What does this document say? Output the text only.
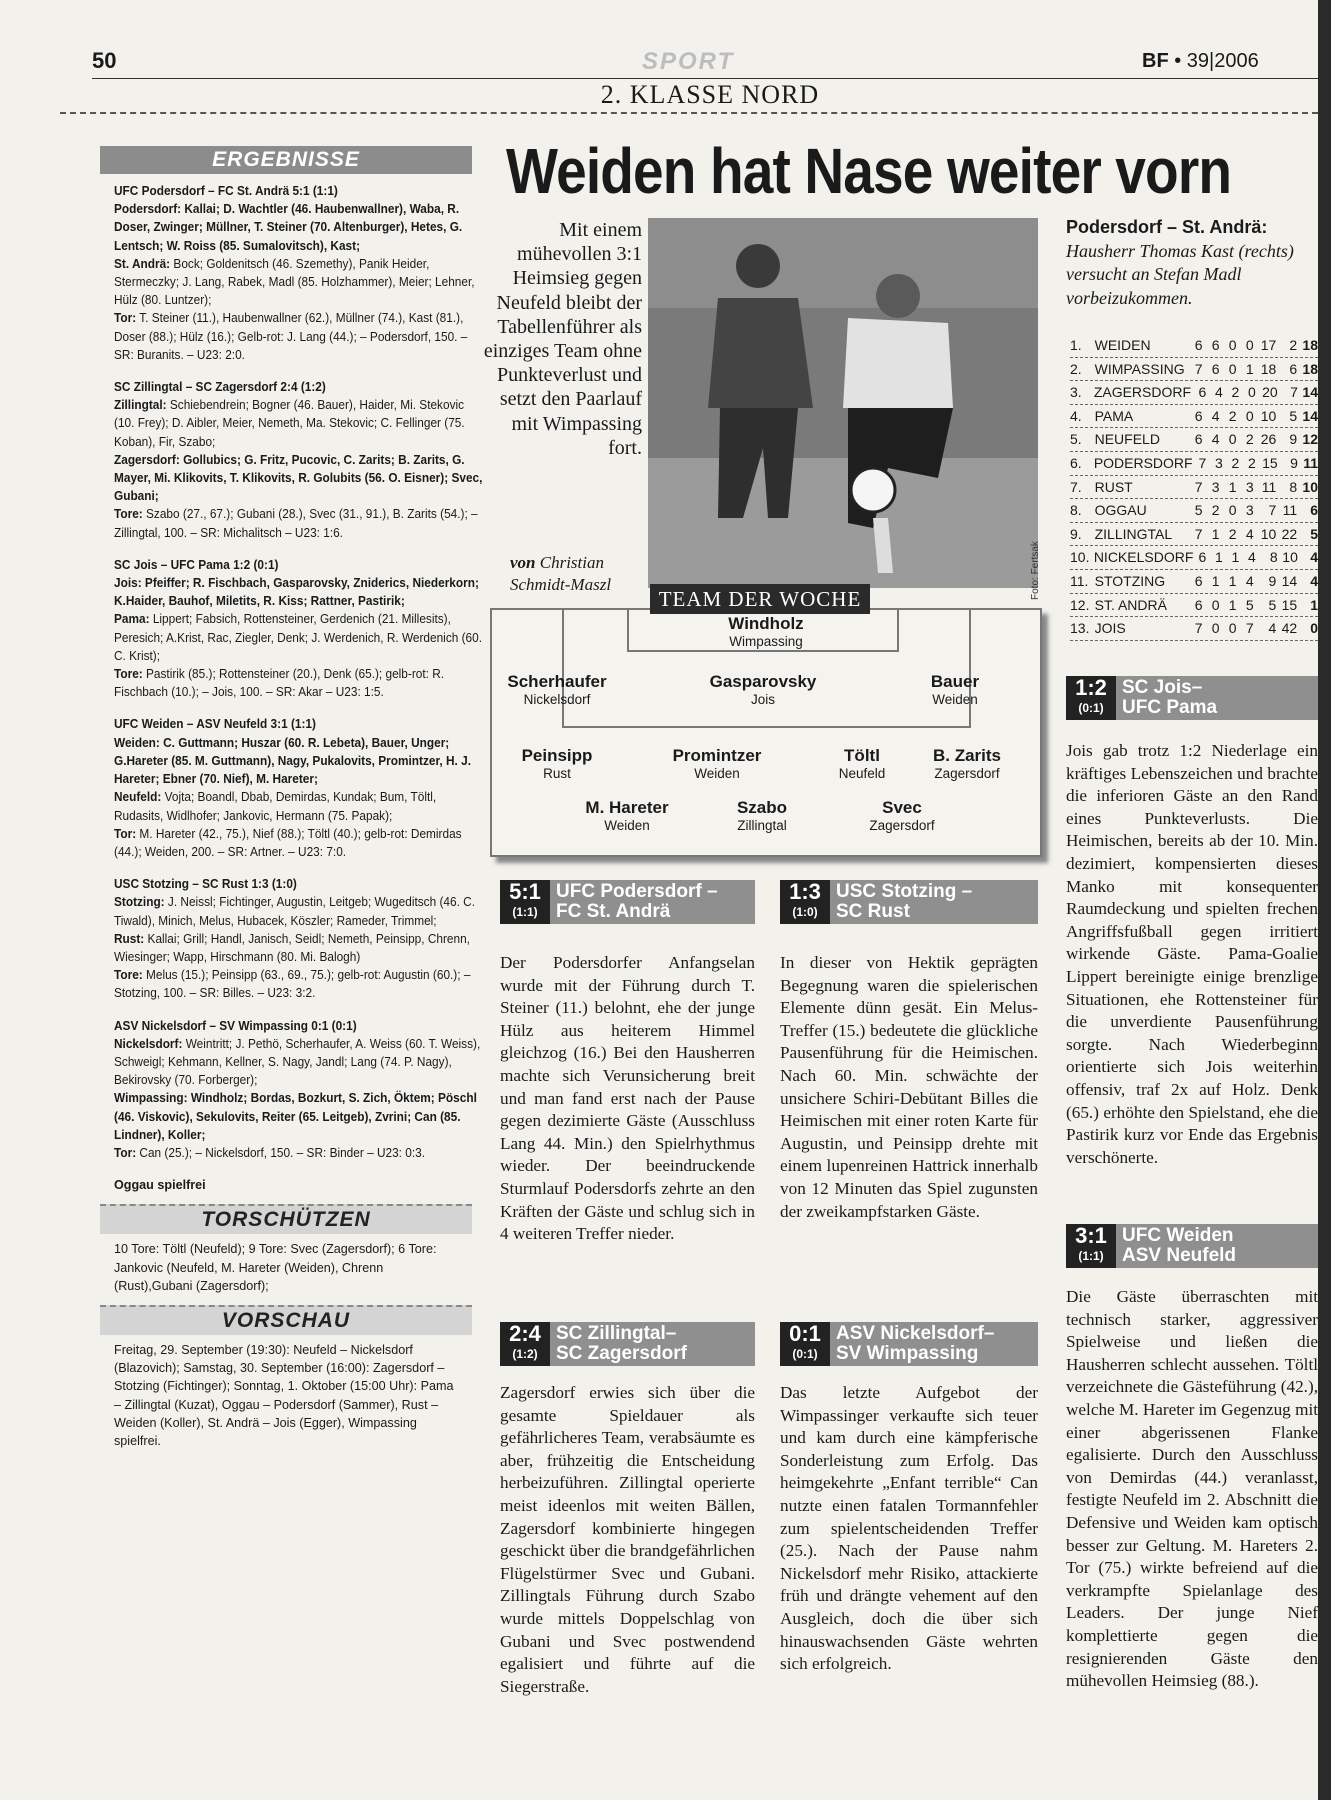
50	SPORT	BF • 39|2006
2. KLASSE NORD
ERGEBNISSE
UFC Podersdorf – FC St. Andrä 5:1 (1:1)
Podersdorf: Kallai; D. Wachtler (46. Haubenwallner), Waba, R. Doser, Zwinger; Müllner, T. Steiner (70. Altenburger), Hetes, G. Lentsch; W. Roiss (85. Sumalovitsch), Kast;
St. Andrä: Bock; Goldenitsch (46. Szemethy), Panik Heider, Stermeczky; J. Lang, Rabek, Madl (85. Holzhammer), Meier; Lehner, Hülz (80. Luntzer);
Tor: T. Steiner (11.), Haubenwallner (62.), Müllner (74.), Kast (81.), Doser (88.); Hülz (16.); Gelb-rot: J. Lang (44.); – Podersdorf, 150. – SR: Buranits. – U23: 2:0.
SC Zillingtal – SC Zagersdorf 2:4 (1:2)
Zillingtal: Schiebendrein; Bogner (46. Bauer), Haider, Mi. Stekovic (10. Frey); D. Aibler, Meier, Nemeth, Ma. Stekovic; C. Fellinger (75. Koban), Fir, Szabo;
Zagersdorf: Gollubics; G. Fritz, Pucovic, C. Zarits; B. Zarits, G. Mayer, Mi. Klikovits, T. Klikovits, R. Golubits (56. O. Eisner); Svec, Gubani;
Tore: Szabo (27., 67.); Gubani (28.), Svec (31., 91.), B. Zarits (54.); – Zillingtal, 100. – SR: Michalitsch – U23: 1:6.
SC Jois – UFC Pama 1:2 (0:1)
Jois: Pfeiffer; R. Fischbach, Gasparovsky, Zniderics, Niederkorn; K.Haider, Bauhof, Miletits, R. Kiss; Rattner, Pastirik;
Pama: Lippert; Fabsich, Rottensteiner, Gerdenich (21. Millesits), Peresich; A.Krist, Rac, Ziegler, Denk; J. Werdenich, R. Werdenich (60. C. Krist);
Tore: Pastirik (85.); Rottensteiner (20.), Denk (65.); gelb-rot: R. Fischbach (10.); – Jois, 100. – SR: Akar – U23: 1:5.
UFC Weiden – ASV Neufeld 3:1 (1:1)
Weiden: C. Guttmann; Huszar (60. R. Lebeta), Bauer, Unger; G.Hareter (85. M. Guttmann), Nagy, Pukalovits, Promintzer, H. J. Hareter; Ebner (70. Nief), M. Hareter;
Neufeld: Vojta; Boandl, Dbab, Demirdas, Kundak; Bum, Töltl, Rudasits, Widlhofer; Jankovic, Hermann (75. Papak);
Tor: M. Hareter (42., 75.), Nief (88.); Töltl (40.); gelb-rot: Demirdas (44.); Weiden, 200. – SR: Artner. – U23: 7:0.
USC Stotzing – SC Rust 1:3 (1:0)
Stotzing: J. Neissl; Fichtinger, Augustin, Leitgeb; Wugeditsch (46. C. Tiwald), Minich, Melus, Hubacek, Köszler; Rameder, Trimmel;
Rust: Kallai; Grill; Handl, Janisch, Seidl; Nemeth, Peinsipp, Chrenn, Wiesinger; Wapp, Hirschmann (80. Mi. Balogh)
Tore: Melus (15.); Peinsipp (63., 69., 75.); gelb-rot: Augustin (60.); – Stotzing, 100. – SR: Billes. – U23: 3:2.
ASV Nickelsdorf – SV Wimpassing 0:1 (0:1)
Nickelsdorf: Weintritt; J. Pethö, Scherhaufer, A. Weiss (60. T. Weiss), Schweigl; Kehmann, Kellner, S. Nagy, Jandl; Lang (74. P. Nagy), Bekirovsky (70. Forberger);
Wimpassing: Windholz; Bordas, Bozkurt, S. Zich, Öktem; Pöschl (46. Viskovic), Sekulovits, Reiter (65. Leitgeb), Zvrini; Can (85. Lindner), Koller;
Tor: Can (25.); – Nickelsdorf, 150. – SR: Binder – U23: 0:3.
Oggau spielfrei
TORSCHÜTZEN
10 Tore: Töltl (Neufeld); 9 Tore: Svec (Zagersdorf); 6 Tore: Jankovic (Neufeld, M. Hareter (Weiden), Chrenn (Rust),Gubani (Zagersdorf);
VORSCHAU
Freitag, 29. September (19:30): Neufeld – Nickelsdorf (Blazovich); Samstag, 30. September (16:00): Zagersdorf – Stotzing (Fichtinger); Sonntag, 1. Oktober (15:00 Uhr): Pama – Zillingtal (Kuzat), Oggau – Podersdorf (Sammer), Rust – Weiden (Koller), St. Andrä – Jois (Egger), Wimpassing spielfrei.
Weiden hat Nase weiter vorn
Mit einem mühevollen 3:1 Heimsieg gegen Neufeld bleibt der Tabellenführer als einziges Team ohne Punkteverlust und setzt den Paarlauf mit Wimpassing fort.
von Christian Schmidt-Maszl	Foto: Fertsak
Podersdorf – St. Andrä: Hausherr Thomas Kast (rechts) versucht an Stefan Madl vorbeizukommen.
1. WEIDEN	6 6 0 0 17 2 18
2. WIMPASSING 7 6 0 1 18 6 18
3. ZAGERSDORF 6 4 2 0 20 7 14
4. PAMA	6 4 2 0 10 5 14
5. NEUFELD	6 4 0 2 26 9 12
6. PODERSDORF 7 3 2 2 15 9 11
7. RUST	7 3 1 3 11 8 10
8. OGGAU	5 2 0 3	7 11 6
9. ZILLINGTAL	7 1 2 4 10 22 5
10. NICKELSDORF 6 1 1 4	8 10 4
11. STOTZING	6 1 1 4	9 14 4
12. ST. ANDRÄ	6 0 1 5	5 15 1
13. JOIS	7 0 0 7	4 42 0
Windholz
Wimpassing
Scherhaufer
Nickelsdorf
Gasparovsky
Jois
Bauer
Weiden
Peinsipp
Rust
Promintzer
Weiden
Töltl
Neufeld
B. Zarits
Zagersdorf
M. Hareter
Weiden
Szabo
Zillingtal
Svec
Zagersdorf
TEAM DER WOCHE
5:1
(1:1)
UFC Podersdorf –
FC St. Andrä
Der Podersdorfer Anfangselan wurde mit der Führung durch T. Steiner (11.) belohnt, ehe der junge Hülz aus heiterem Himmel gleichzog (16.) Bei den Hausherren machte sich Verunsicherung breit und man fand erst nach der Pause gegen dezimierte Gäste (Ausschluss Lang 44. Min.) den Spielrhythmus wieder. Der beeindruckende Sturmlauf Podersdorfs zehrte an den Kräften der Gäste und schlug sich in 4 weiteren Treffer nieder.
1:3
(1:0)
USC Stotzing –
SC Rust
In dieser von Hektik geprägten Begegnung waren die spielerischen Elemente dünn gesät. Ein Melus-Treffer (15.) bedeutete die glückliche Pausenführung für die Heimischen. Nach 60. Min. schwächte der unsichere Schiri-Debütant Billes die Heimischen mit einer roten Karte für Augustin, und Peinsipp drehte mit einem lupenreinen Hattrick innerhalb von 12 Minuten das Spiel zugunsten der zweikampfstarken Gäste.
2:4
(1:2)
SC Zillingtal–
SC Zagersdorf
Zagersdorf erwies sich über die gesamte Spieldauer als gefährlicheres Team, verabsäumte es aber, frühzeitig die Entscheidung herbeizuführen. Zillingtal operierte meist ideenlos mit weiten Bällen, Zagersdorf kombinierte hingegen geschickt über die brandgefährlichen Flügelstürmer Svec und Gubani. Zillingtals Führung durch Szabo wurde mittels Doppelschlag von Gubani und Svec postwendend egalisiert und führte auf die Siegerstraße.
0:1
(0:1)
ASV Nickelsdorf–
SV Wimpassing
Das letzte Aufgebot der Wimpassinger verkaufte sich teuer und kam durch eine kämpferische Sonderleistung zum Erfolg. Das heimgekehrte „Enfant terrible“ Can nutzte einen fatalen Tormannfehler zum spielentscheidenden Treffer (25.). Nach der Pause nahm Nickelsdorf mehr Risiko, attackierte früh und drängte vehement auf den Ausgleich, doch die über sich hinauswachsenden Gäste wehrten sich erfolgreich.
1:2
(0:1)
SC Jois–
UFC Pama
Jois gab trotz 1:2 Niederlage ein kräftiges Lebenszeichen und brachte die inferioren Gäste an den Rand eines Punkteverlusts. Die Heimischen, bereits ab der 10. Min. dezimiert, kompensierten dieses Manko mit konsequenter Raumdeckung und spielten frechen Angriffsfußball gegen irritiert wirkende Gäste. Pama-Goalie Lippert bereinigte einige brenzlige Situationen, ehe Rottensteiner für die unverdiente Pausenführung sorgte. Nach Wiederbeginn orientierte sich Jois weiterhin offensiv, traf 2x auf Holz. Denk (65.) erhöhte den Spielstand, ehe die Pastirik kurz vor Ende das Ergebnis verschönerte.
3:1
(1:1)
UFC Weiden
ASV Neufeld
Die Gäste überraschten mit technisch starker, aggressiver Spielweise und ließen die Hausherren schlecht aussehen. Töltl verzeichnete die Gästeführung (42.), welche M. Hareter im Gegenzug mit einer abgerissenen Flanke egalisierte. Durch den Ausschluss von Demirdas (44.) veranlasst, festigte Neufeld im 2. Abschnitt die Defensive und Weiden kam optisch besser zur Geltung. M. Hareters 2. Tor (75.) wirkte befreiend auf die verkrampfte Spielanlage des Leaders. Der junge Nief komplettierte gegen die resignierenden Gäste den mühevollen Heimsieg (88.).
